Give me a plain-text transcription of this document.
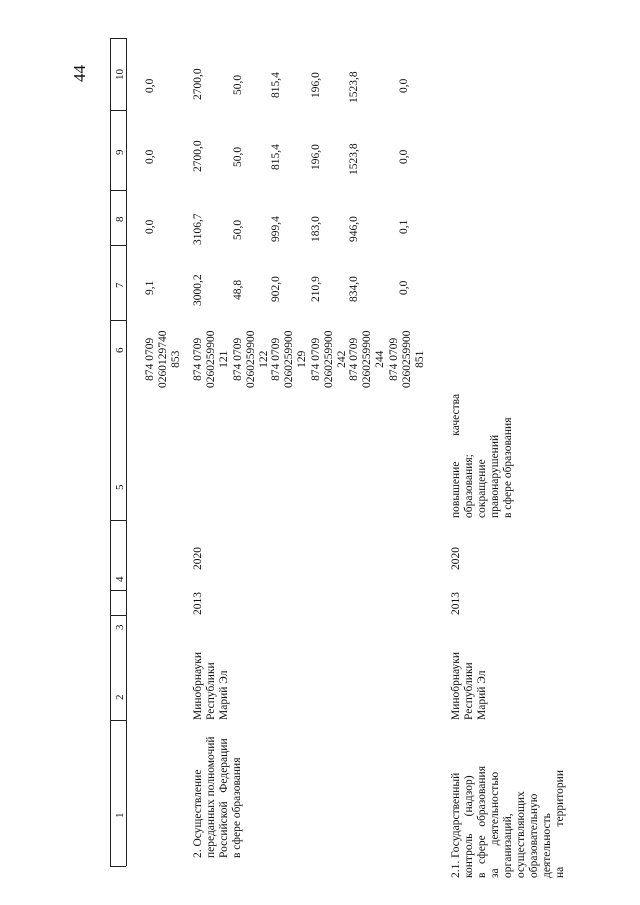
44 10
9
8
7
6
5
4
3
2
1
874 0709
0260129740
853
9,1
0,0
0,0
0,0
2. Осуществление
переданных полномочий
Российской   Федерации
в сфере образования
Минобрнауки
Республики
Марий Эл
2013
2020
874 0709
0260259900
121
3000,2
3106,7
2700,0
2700,0
874 0709
0260259900
122
48,8
50,0
50,0
50,0
874 0709
0260259900
129
902,0
999,4
815,4
815,4
874 0709
0260259900
242
210,9
183,0
196,0
196,0
874 0709
0260259900
244
834,0
946,0
1523,8
1523,8
874 0709
0260259900
851
0,0
0,1
0,0
0,0
2.1. Государственный
контроль      (надзор)
в   сфере   образования
за        деятельностью
организаций,
осуществляющих
образовательную
деятельность
на              территории
Минобрнауки
Республики
Марий Эл
2013
2020
повышение         качества
образования;
сокращение
правонарушений
в сфере образования
